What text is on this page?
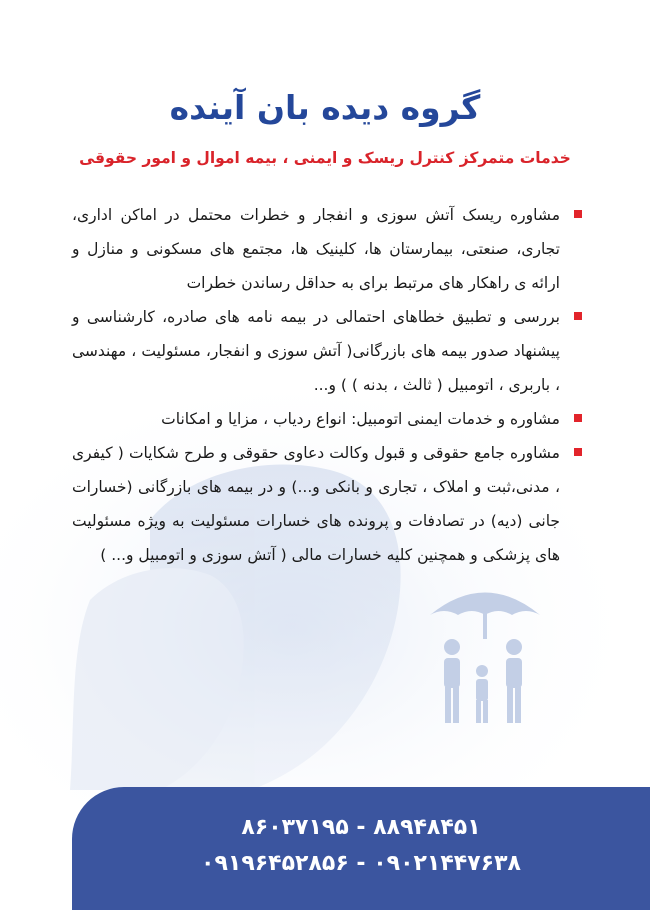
گروه دیده بان آینده

خدمات متمرکز کنترل ریسک و ایمنی ، بیمه اموال و امور حقوقی

مشاوره ریسک آتش سوزی و انفجار و خطرات محتمل در اماکن اداری، تجاری، صنعتی، بیمارستان ها، کلینیک ها، مجتمع های مسکونی و منازل و ارائه ی راهکار های مرتبط برای به حداقل رساندن خطرات
بررسی و تطبیق خطاهای احتمالی در بیمه نامه های صادره، کارشناسی و پیشنهاد صدور بیمه های بازرگانی( آتش سوزی و انفجار، مسئولیت ، مهندسی ، باربری ، اتومبیل ( ثالث ، بدنه ) ) و...
مشاوره و خدمات ایمنی اتومبیل: انواع ردیاب ، مزایا و امکانات
مشاوره جامع حقوقی و قبول وکالت دعاوی حقوقی و طرح شکایات ( کیفری ، مدنی،ثبت و املاک ، تجاری و بانکی و...) و در بیمه های بازرگانی (خسارات جانی (دیه) در تصادفات و پرونده های خسارات مسئولیت به ویژه مسئولیت های پزشکی و همچنین کلیه خسارات مالی ( آتش سوزی و اتومبیل و... )
۸۸۹۴۸۴۵۱ - ۸۶۰۳۷۱۹۵
۰۹۰۲۱۴۴۷۶۳۸ - ۰۹۱۹۶۴۵۲۸۵۶
